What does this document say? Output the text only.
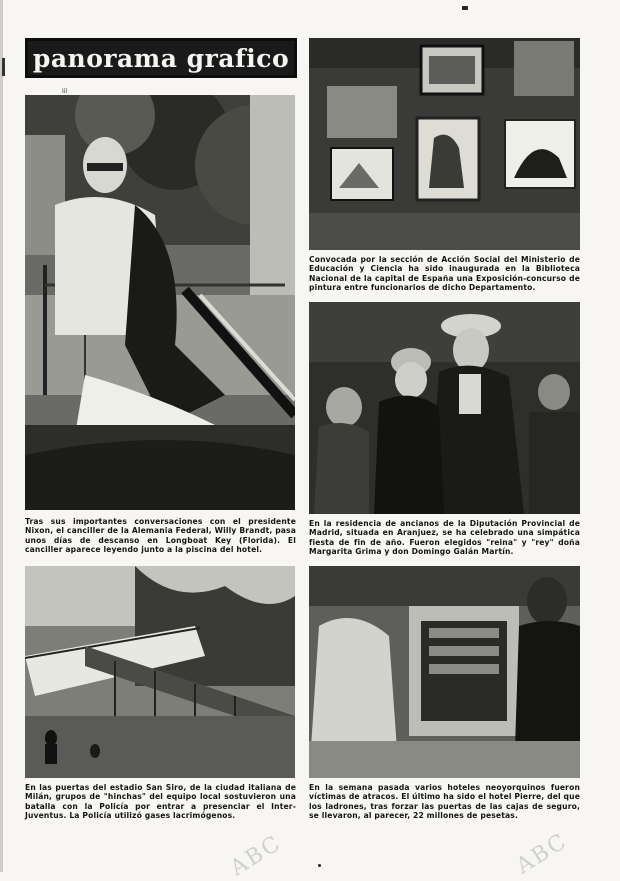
panorama grafico
Iil
Tras sus importantes conversaciones con el presidente Nixon, el canciller de la Alemania Federal, Willy Brandt, pasa unos días de descanso en Longboat Key (Florida). El canciller aparece leyendo junto a la piscina del hotel.
Convocada por la sección de Acción Social del Ministerio de Educación y Ciencia ha sido inaugurada en la Biblioteca Nacional de la capital de España una Exposición-concurso de pintura entre funcionarios de dicho Departamento.
En la residencia de ancianos de la Diputación Provincial de Madrid, situada en Aranjuez, se ha celebrado una simpática fiesta de fin de año. Fueron elegidos "reina" y "rey" doña Margarita Grima y don Domingo Galán Martín.
En las puertas del estadio San Siro, de la ciudad italiana de Milán, grupos de "hinchas" del equipo local sostuvieron una batalla con la Policía por entrar a presenciar el Inter-Juventus. La Policía utilizó gases lacrimógenos.
En la semana pasada varios hoteles neoyorquinos fueron víctimas de atracos. El último ha sido el hotel Pierre, del que los ladrones, tras forzar las puertas de las cajas de seguro, se llevaron, al parecer, 22 millones de pesetas.
ABC	ABC
